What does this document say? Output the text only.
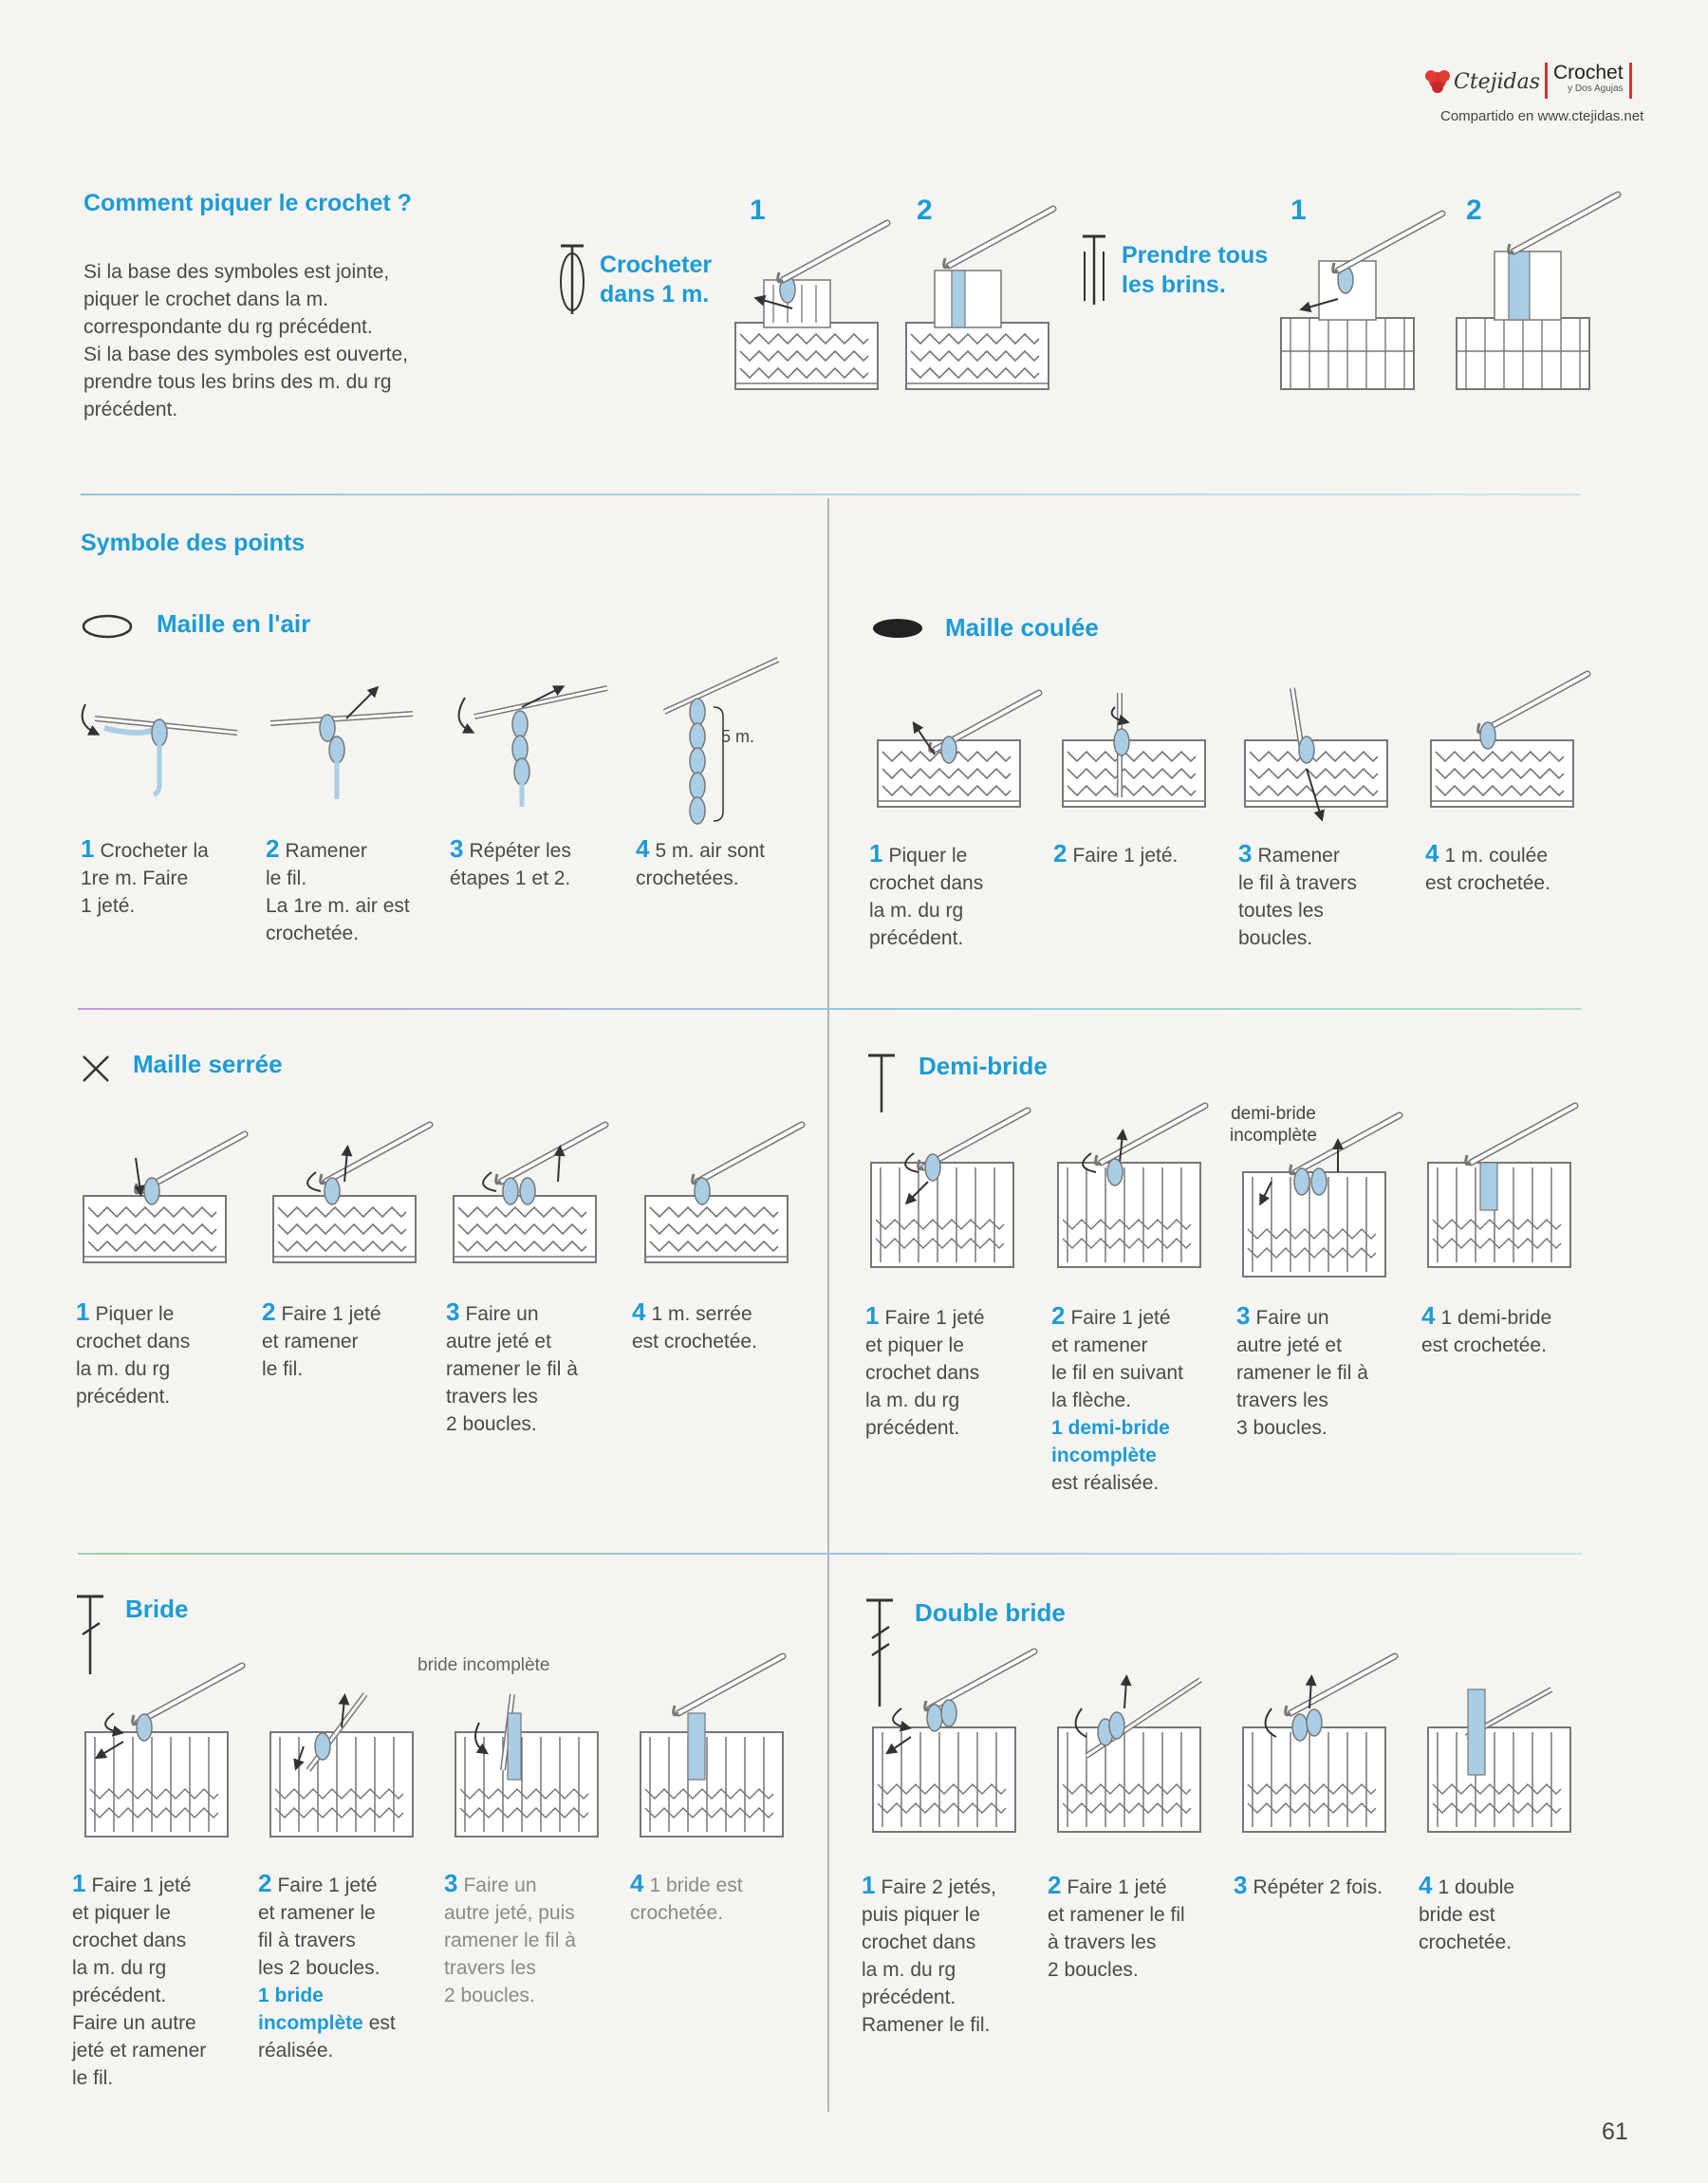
Ctejidas Crochet
y Dos Agujas
Compartido en www.ctejidas.net
Comment piquer le crochet ?
Si la base des symboles est jointe,
piquer le crochet dans la m.
correspondante du rg précédent.
Si la base des symboles est ouverte,
prendre tous les brins des m. du rg
précédent.
Crocheter
dans 1 m.
1	2
Prendre tous
les brins.
1	2
Symbole des points
Maille en l'air
5 m.
1 Crocheter la
1re m. Faire
1 jeté.
2 Ramener
le fil.
La 1re m. air est
crochetée.
3 Répéter les
étapes 1 et 2.
4 5 m. air sont
crochetées.
Maille coulée
1 Piquer le
crochet dans
la m. du rg
précédent.
2 Faire 1 jeté.	3 Ramener
le fil à travers
toutes les
boucles.
4 1 m. coulée
est crochetée.
Maille serrée
1 Piquer le
crochet dans
la m. du rg
précédent.
2 Faire 1 jeté
et ramener
le fil.
3 Faire un
autre jeté et
ramener le fil à
travers les
2 boucles.
4 1 m. serrée
est crochetée.
Demi-bride
demi-bride
incomplète
1 Faire 1 jeté
et piquer le
crochet dans
la m. du rg
précédent.
2 Faire 1 jeté
et ramener
le fil en suivant
la flèche.
1 demi-bride
incomplète
est réalisée.
3 Faire un
autre jeté et
ramener le fil à
travers les
3 boucles.
4 1 demi-bride
est crochetée.
Bride
bride incomplète
1 Faire 1 jeté
et piquer le
crochet dans
la m. du rg
précédent.
Faire un autre
jeté et ramener
le fil.
2 Faire 1 jeté
et ramener le
fil à travers
les 2 boucles.
1 bride
incomplète est
réalisée.
3 Faire un
autre jeté, puis
ramener le fil à
travers les
2 boucles.
4 1 bride est
crochetée.
Double bride
1 Faire 2 jetés,
puis piquer le
crochet dans
la m. du rg
précédent.
Ramener le fil.
2 Faire 1 jeté
et ramener le fil
à travers les
2 boucles.
3 Répéter 2 fois.	4 1 double
bride est
crochetée.
61
